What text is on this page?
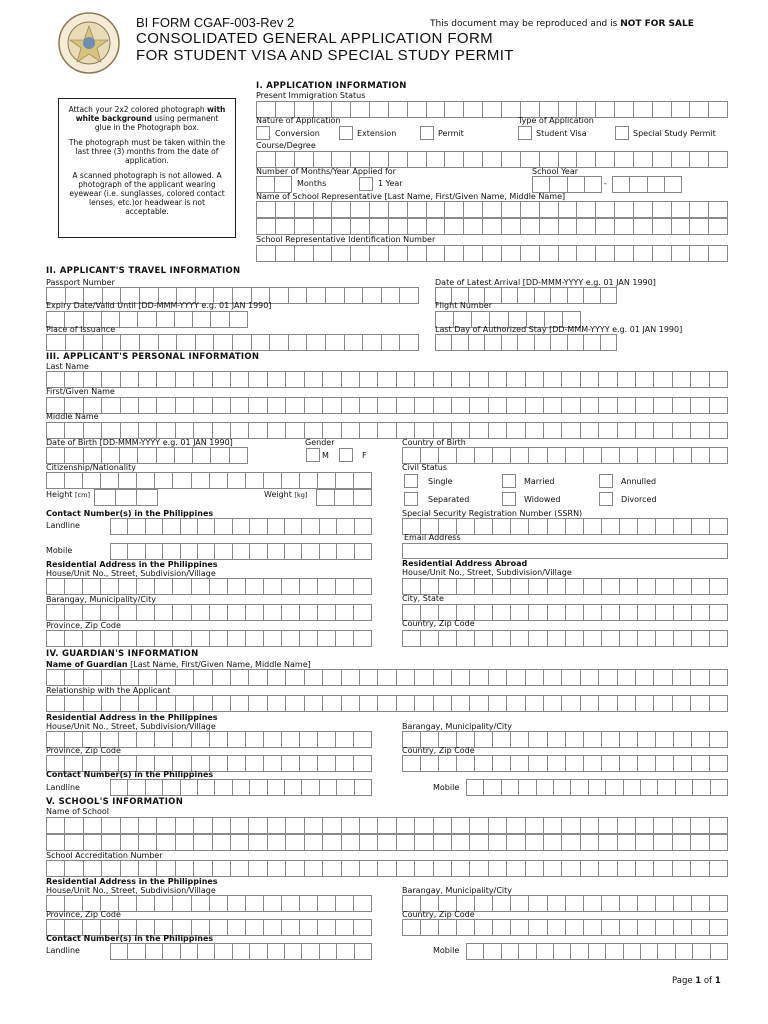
BI FORM CGAF-003-Rev 2	This document may be reproduced and is NOT FOR SALE
CONSOLIDATED GENERAL APPLICATION FORM
FOR STUDENT VISA AND SPECIAL STUDY PERMIT

Attach your 2x2 colored photograph with white background using permanent glue in the Photograph box.

The photograph must be taken within the last three (3) months from the date of application.

A scanned photograph is not allowed. A photograph of the applicant wearing eyewear (i.e. sunglasses, colored contact lenses, etc.)or headwear is not acceptable.

I. APPLICATION INFORMATION
Present Immigration Status
Nature of Application	Type of Application
Conversion	Extension	Permit	Student Visa	Special Study Permit
Course/Degree
Number of Months/Year Applied for	School Year
Months	1 Year	-
Name of School Representative [Last Name, First/Given Name, Middle Name]
School Representative Identification Number
II. APPLICANT'S TRAVEL INFORMATION
Passport Number	Date of Latest Arrival [DD-MMM-YYYY e.g. 01 JAN 1990]
Expiry Date/Valid Until [DD-MMM-YYYY e.g. 01 JAN 1990]	Flight Number
Place of Issuance	Last Day of Authorized Stay [DD-MMM-YYYY e.g. 01 JAN 1990]
III. APPLICANT'S PERSONAL INFORMATION
Last Name
First/Given Name
Middle Name
Date of Birth [DD-MMM-YYYY e.g. 01 JAN 1990]	Gender	Country of Birth
M	F
Citizenship/Nationality	Civil Status
Single	Married	Annulled
Height [cm]	Weight [kg]	Separated	Widowed	Divorced
Contact Number(s) in the Philippines	Special Security Registration Number (SSRN)
Landline
Email Address
Mobile
Residential Address in the Philippines	Residential Address Abroad
House/Unit No., Street, Subdivision/Village	House/Unit No., Street, Subdivision/Village
Barangay, Municipality/City	City, State
Province, Zip Code	Country, Zip Code
IV. GUARDIAN'S INFORMATION
Name of Guardian [Last Name, First/Given Name, Middle Name]
Relationship with the Applicant
Residential Address in the Philippines
House/Unit No., Street, Subdivision/Village	Barangay, Municipality/City
Province, Zip Code	Country, Zip Code
Contact Number(s) in the Philippines
Landline	Mobile
V. SCHOOL'S INFORMATION
Name of School
School Accreditation Number
Residential Address in the Philippines
House/Unit No., Street, Subdivision/Village	Barangay, Municipality/City
Province, Zip Code	Country, Zip Code
Contact Number(s) in the Philippines
Landline	Mobile
Page 1 of 1
